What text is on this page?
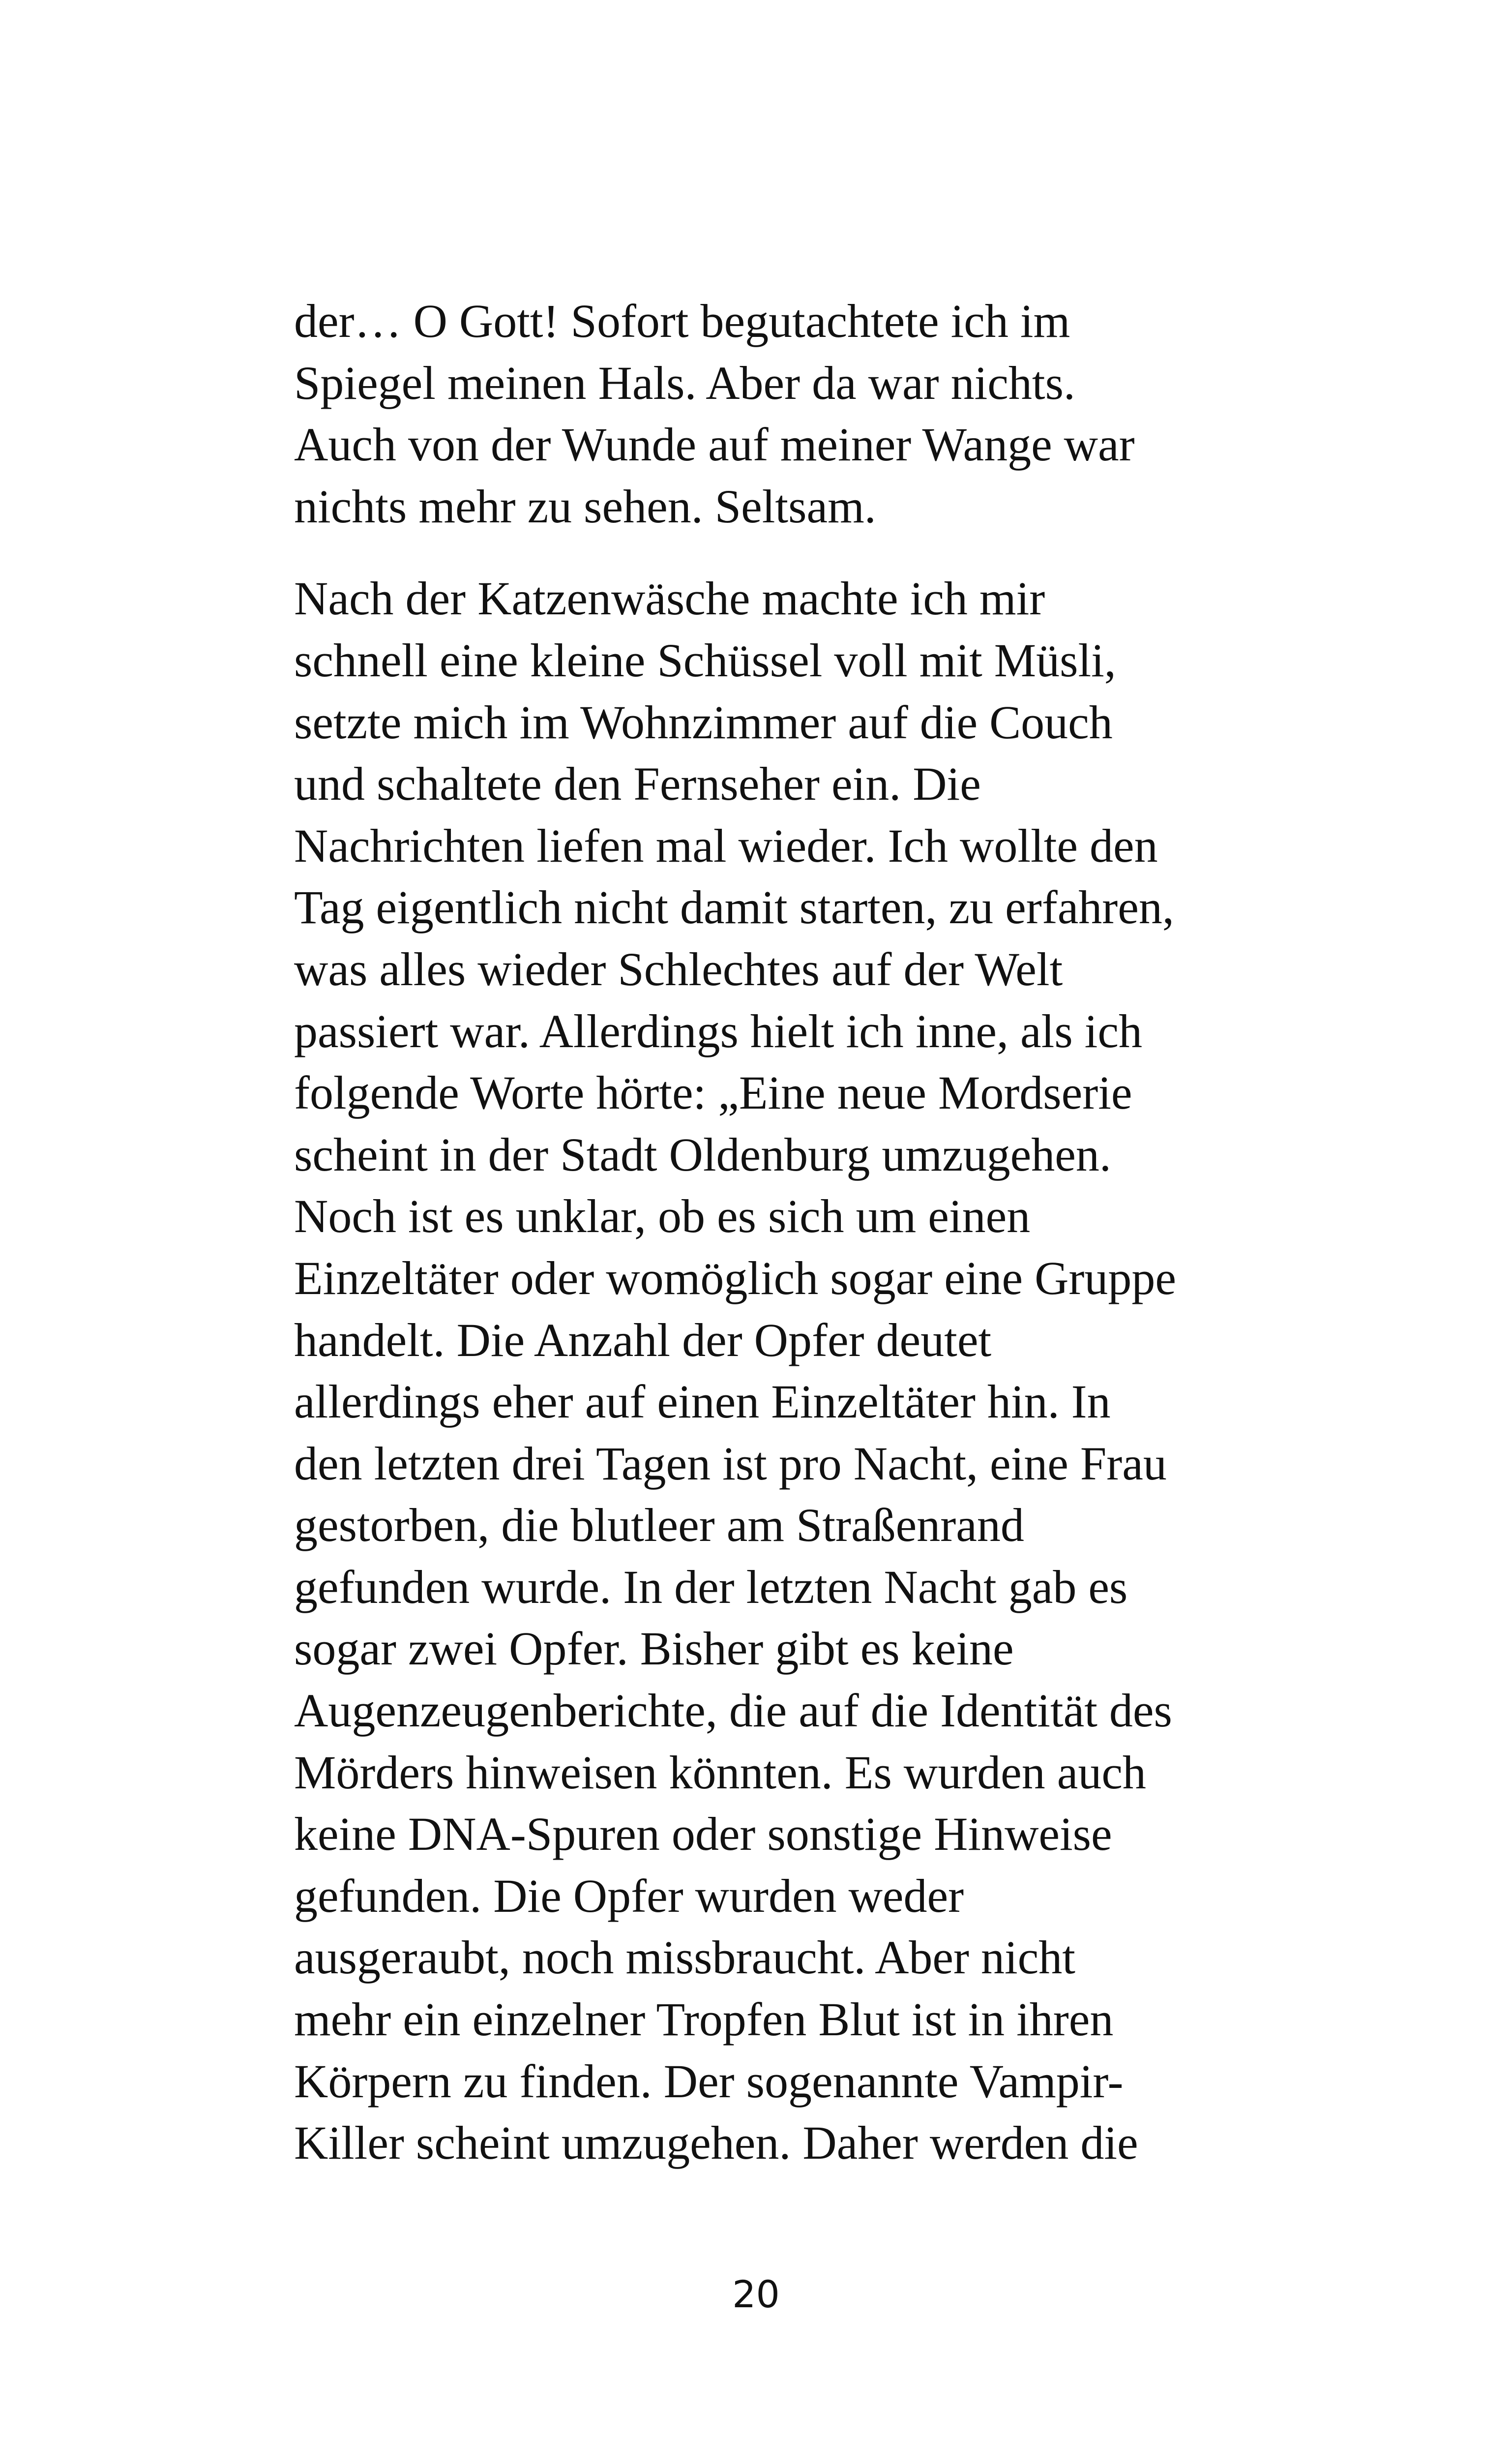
der… O Gott! Sofort begutachtete ich im
Spiegel meinen Hals. Aber da war nichts.
Auch von der Wunde auf meiner Wange war
nichts mehr zu sehen. Seltsam.
Nach der Katzenwäsche machte ich mir
schnell eine kleine Schüssel voll mit Müsli,
setzte mich im Wohnzimmer auf die Couch
und schaltete den Fernseher ein. Die
Nachrichten liefen mal wieder. Ich wollte den
Tag eigentlich nicht damit starten, zu erfahren,
was alles wieder Schlechtes auf der Welt
passiert war. Allerdings hielt ich inne, als ich
folgende Worte hörte: „Eine neue Mordserie
scheint in der Stadt Oldenburg umzugehen.
Noch ist es unklar, ob es sich um einen
Einzeltäter oder womöglich sogar eine Gruppe
handelt. Die Anzahl der Opfer deutet
allerdings eher auf einen Einzeltäter hin. In
den letzten drei Tagen ist pro Nacht, eine Frau
gestorben, die blutleer am Straßenrand
gefunden wurde. In der letzten Nacht gab es
sogar zwei Opfer. Bisher gibt es keine
Augenzeugenberichte, die auf die Identität des
Mörders hinweisen könnten. Es wurden auch
keine DNA-Spuren oder sonstige Hinweise
gefunden. Die Opfer wurden weder
ausgeraubt, noch missbraucht. Aber nicht
mehr ein einzelner Tropfen Blut ist in ihren
Körpern zu finden. Der sogenannte Vampir-
Killer scheint umzugehen. Daher werden die
20
